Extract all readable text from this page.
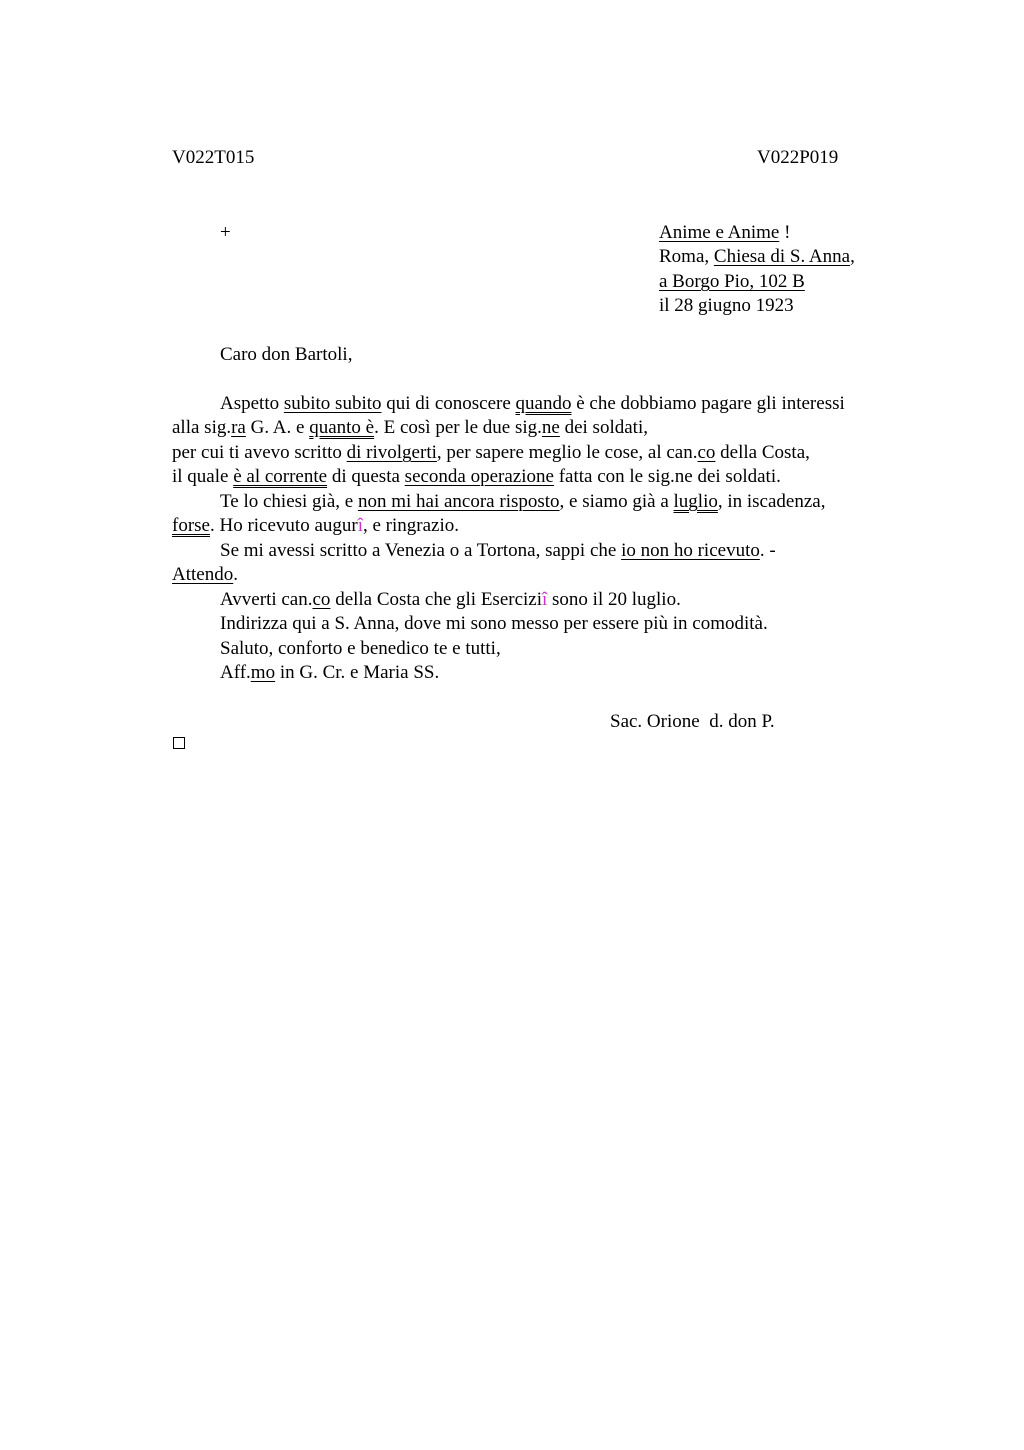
V022T015	V022P019
+	Anime e Anime !
Roma, Chiesa di S. Anna,
a Borgo Pio, 102 B
il 28 giugno 1923
Caro don Bartoli,
Aspetto subito subito qui di conoscere quando è che dobbiamo pagare gli interessi
alla sig.ra G. A. e quanto è. E così per le due sig.ne dei soldati,
per cui ti avevo scritto di rivolgerti, per sapere meglio le cose, al can.co della Costa,
il quale è al corrente di questa seconda operazione fatta con le sig.ne dei soldati.
Te lo chiesi già, e non mi hai ancora risposto, e siamo già a luglio, in iscadenza,
forse. Ho ricevuto augurî, e ringrazio.
Se mi avessi scritto a Venezia o a Tortona, sappi che io non ho ricevuto. -
Attendo.
Avverti can.co della Costa che gli Eserciziî sono il 20 luglio.
Indirizza qui a S. Anna, dove mi sono messo per essere più in comodità.
Saluto, conforto e benedico te e tutti,
Aff.mo in G. Cr. e Maria SS.
Sac. Orione  d. don P.
